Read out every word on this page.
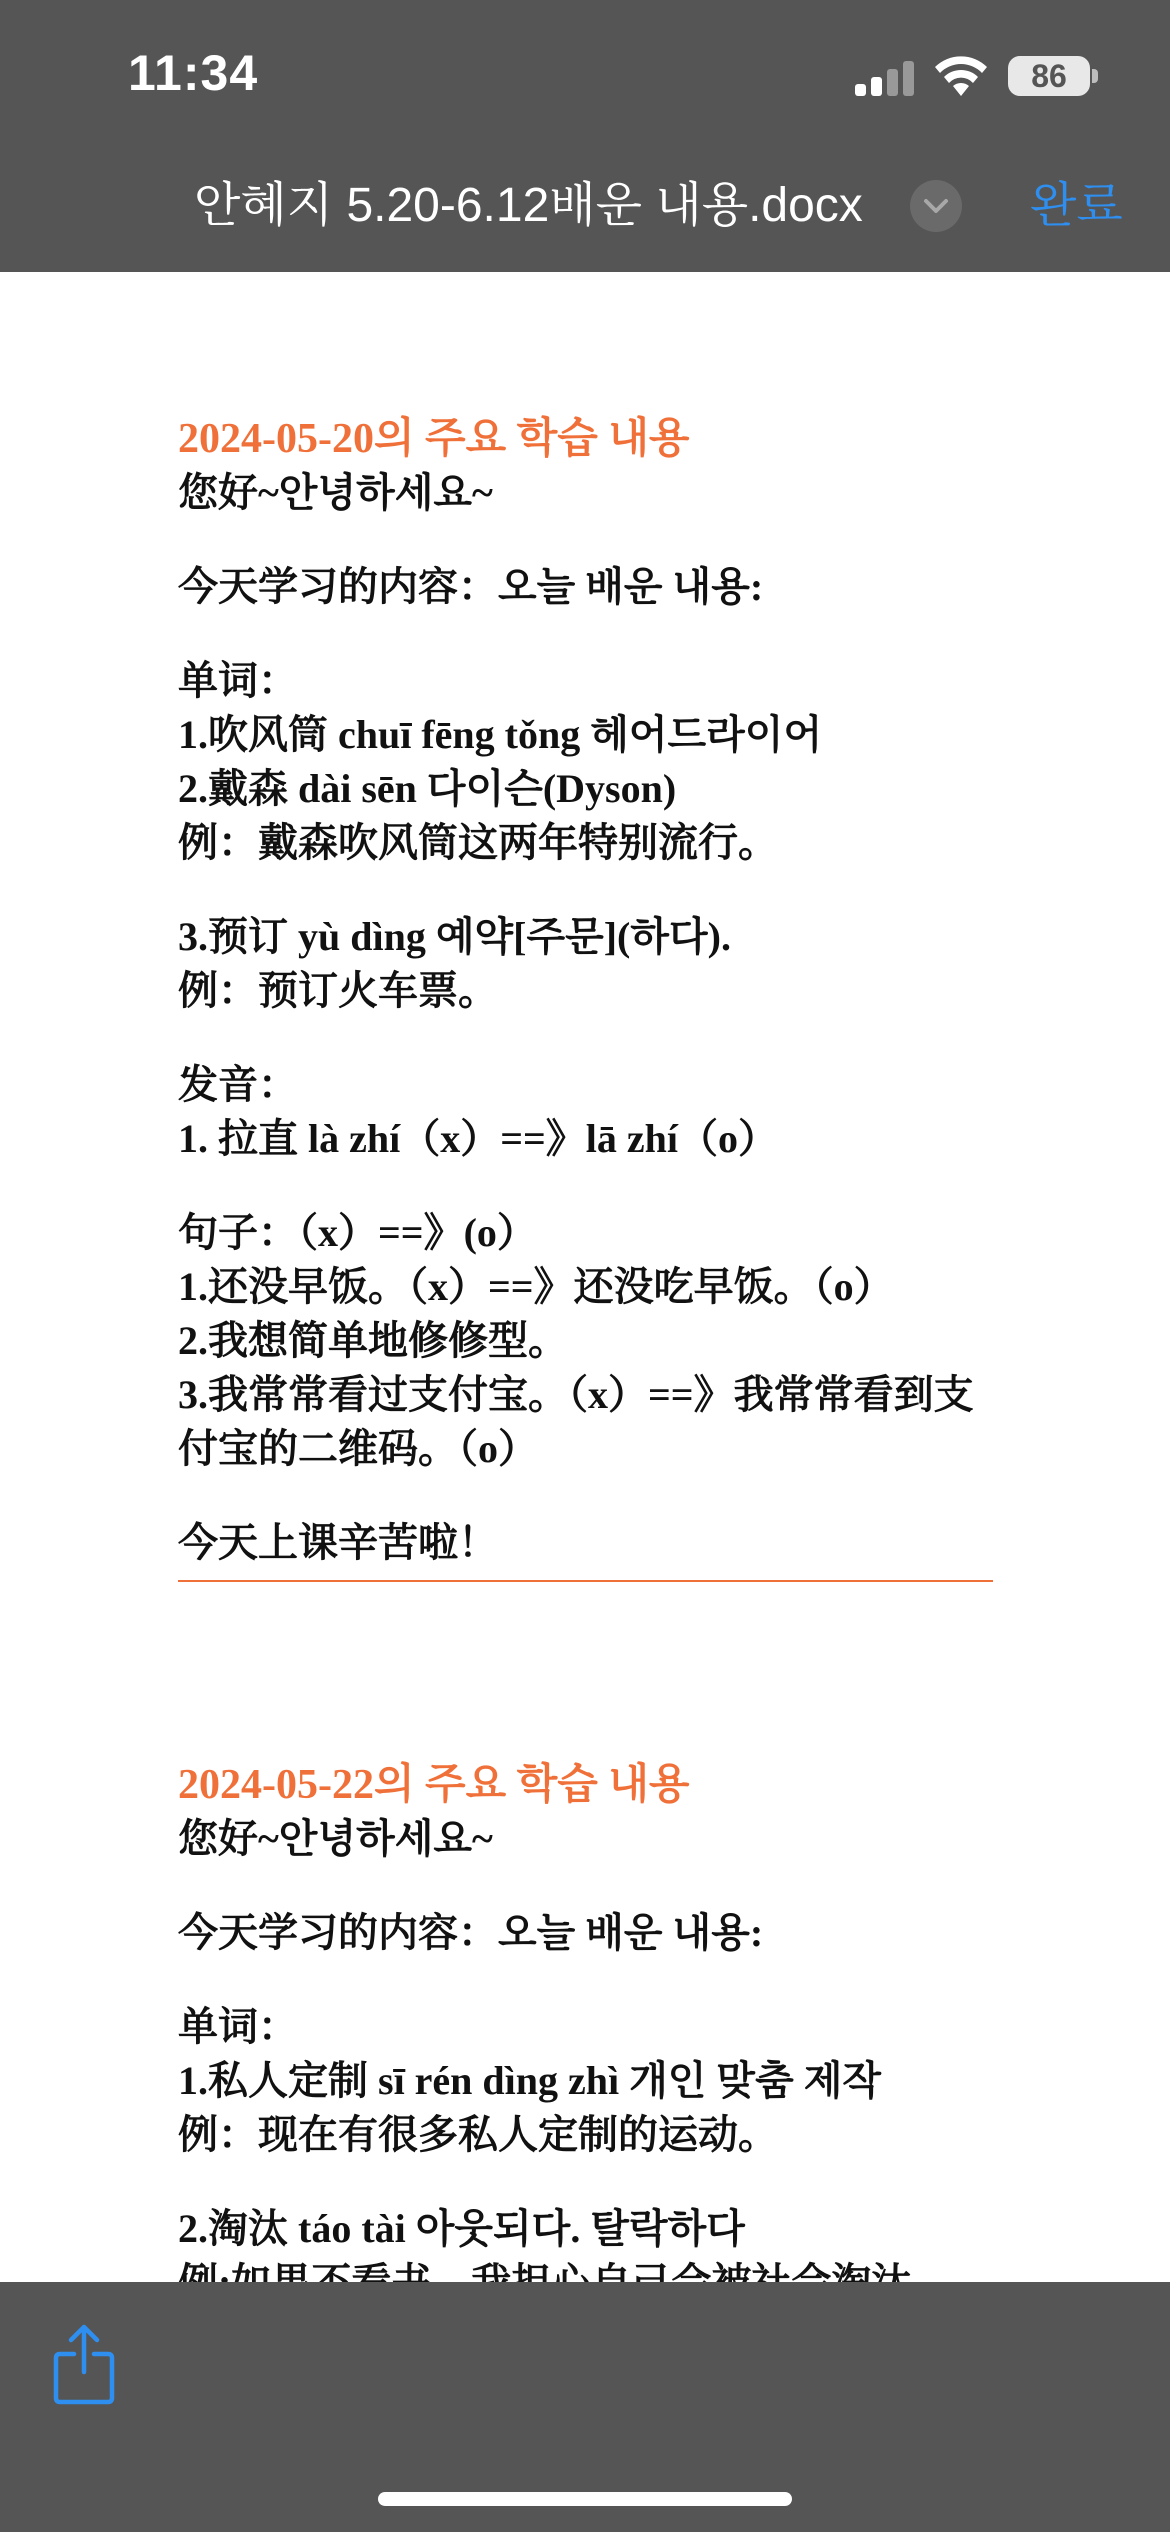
11:34	86
안혜지 5.20-6.12배운 내용.docx	완료
2024-05-20의 주요 학습 내용
您好~안녕하세요~
今天学习的内容：오늘 배운 내용:
单词：
1.吹风筒 chuī fēng tǒng 헤어드라이어
2.戴森 dài sēn 다이슨(Dyson)
例：戴森吹风筒这两年特别流行。
3.预订 yù dìng 예약[주문](하다).
例：预订火车票。
发音：
1. 拉直 là zhí（x）==》lā zhí（o）
句子：（x）==》(o）
1.还没早饭。（x）==》还没吃早饭。（o）
2.我想简单地修修型。
3.我常常看过支付宝。（x）==》我常常看到支
付宝的二维码。（o）
今天上课辛苦啦！
2024-05-22의 주요 학습 내용
您好~안녕하세요~
今天学习的内容：오늘 배운 내용:
单词：
1.私人定制 sī rén dìng zhì 개인 맞춤 제작
例：现在有很多私人定制的运动。
2.淘汰 táo tài 아웃되다. 탈락하다
